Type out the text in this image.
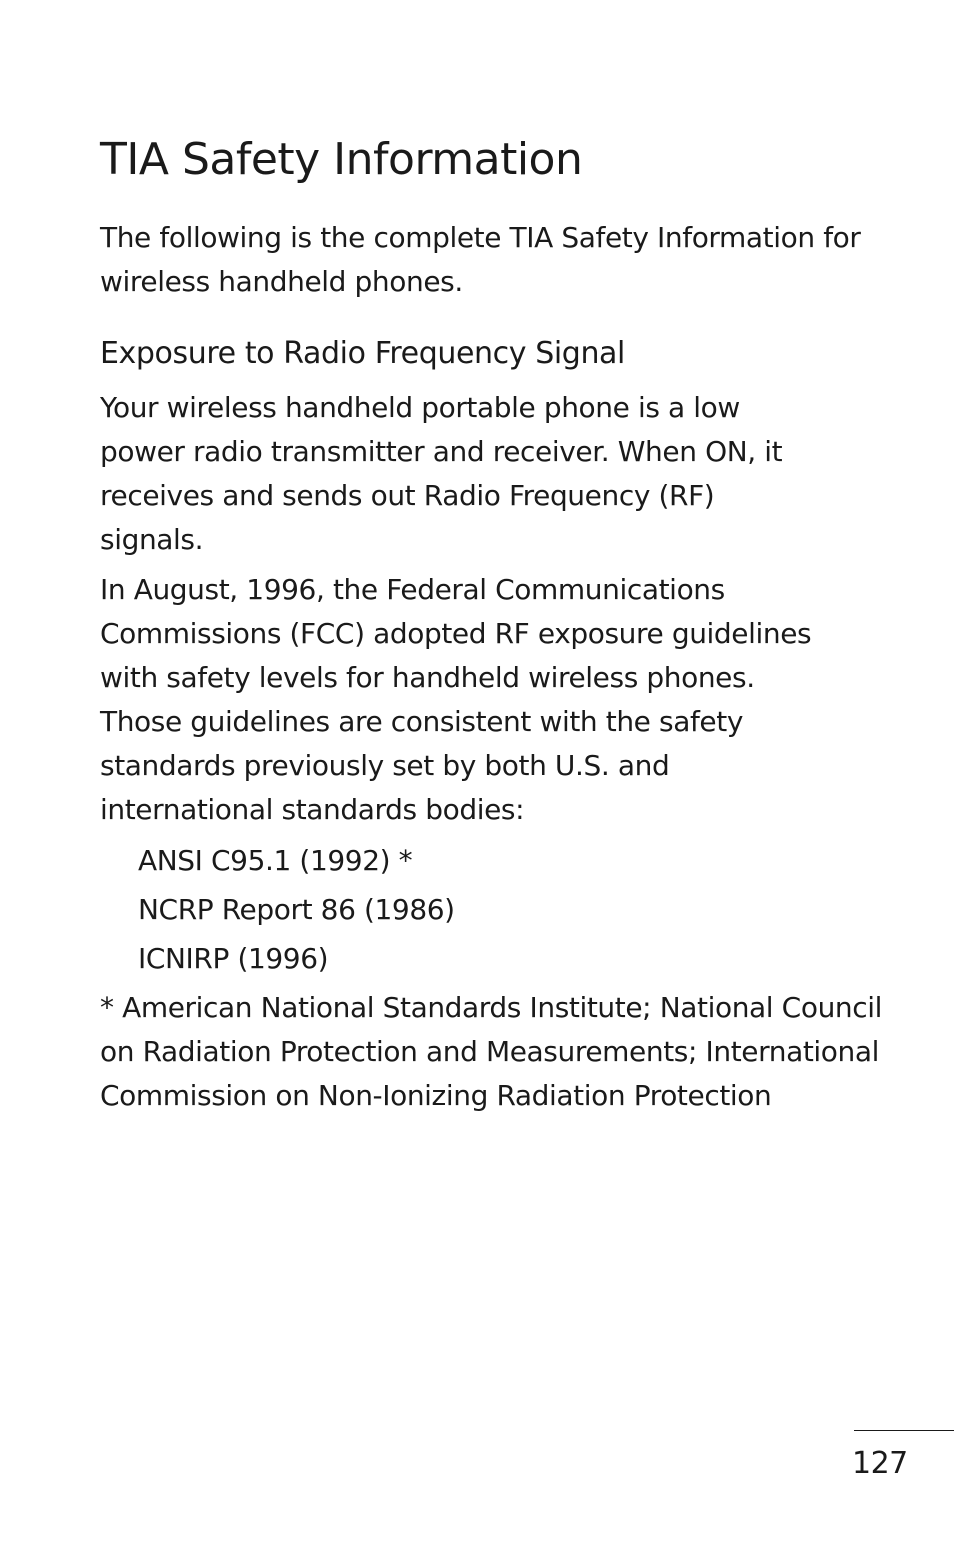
TIA Safety Information

The following is the complete TIA Safety Information for wireless handheld phones.

Exposure to Radio Frequency Signal

Your wireless handheld portable phone is a low power radio transmitter and receiver. When ON, it receives and sends out Radio Frequency (RF) signals.

In August, 1996, the Federal Communications Commissions (FCC) adopted RF exposure guidelines with safety levels for handheld wireless phones. Those guidelines are consistent with the safety standards previously set by both U.S. and international standards bodies:

ANSI C95.1 (1992) *
NCRP Report 86 (1986)
ICNIRP (1996)

* American National Standards Institute; National Council on Radiation Protection and Measurements; International Commission on Non-Ionizing Radiation Protection

127
